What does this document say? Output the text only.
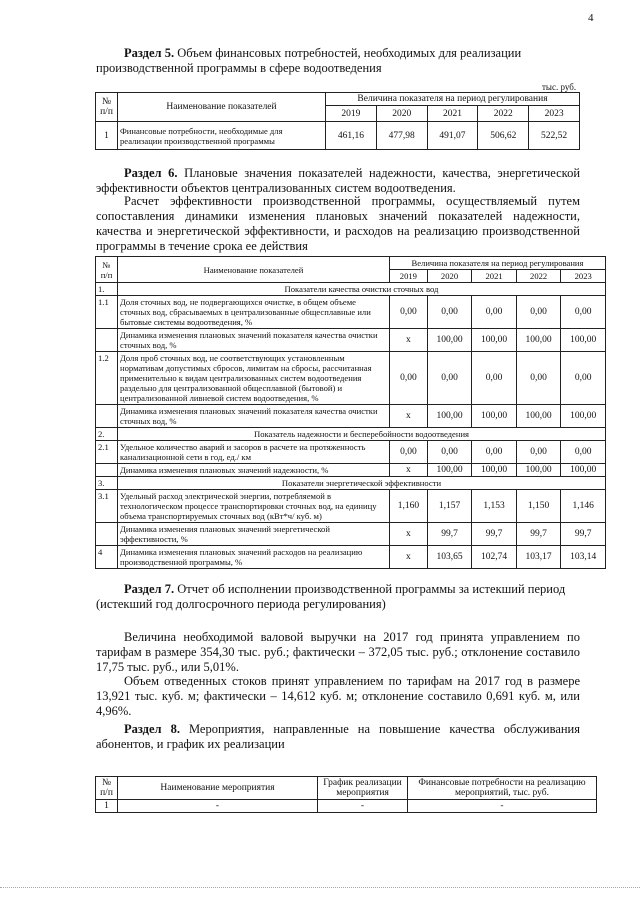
4
Раздел 5. Объем финансовых потребностей, необходимых для реализации производственной программы в сфере водоотведения
тыс. руб.
№ п/п	Наименование показателей	Величина показателя на период регулирования				
		2019	2020	2021	2022	2023
1	Финансовые потребности, необходимые для реализации производственной программы	461,16	477,98	491,07	506,62	522,52
Раздел 6. Плановые значения показателей надежности, качества, энергетической эффективности объектов централизованных систем водоотведения.
Расчет эффективности производственной программы, осуществляемый путем сопоставления динамики изменения плановых значений показателей надежности, качества и энергетической эффективности, и расходов на реализацию производственной программы в течение срока ее действия
№ п/п	Наименование показателей	Величина показателя на период регулирования				
		2019	2020	2021	2022	2023
1.	Показатели качества очистки сточных вод					
1.1	Доля сточных вод, не подвергающихся очистке, в общем объеме сточных вод, сбрасываемых в централизованные общесплавные или бытовые системы водоотведения, %	0,00	0,00	0,00	0,00	0,00
	Динамика изменения плановых значений показателя качества очистки сточных вод, %	х	100,00	100,00	100,00	100,00
1.2	Доля проб сточных вод, не соответствующих установленным нормативам допустимых сбросов, лимитам на сбросы, рассчитанная применительно к видам централизованных систем водоотведения раздельно для централизованной общесплавной (бытовой) и централизованной ливневой систем водоотведения, %	0,00	0,00	0,00	0,00	0,00
	Динамика изменения плановых значений показателя качества очистки сточных вод, %	х	100,00	100,00	100,00	100,00
2.	Показатель надежности и бесперебойности водоотведения					
2.1	Удельное количество аварий и засоров в расчете на протяженность канализационной сети в год, ед./ км	0,00	0,00	0,00	0,00	0,00
	Динамика изменения плановых значений надежности, %	х	100,00	100,00	100,00	100,00
3.	Показатели энергетической эффективности					
3.1	Удельный расход электрической энергии, потребляемой в технологическом процессе транспортировки сточных вод, на единицу объема транспортируемых сточных вод (кВт*ч/ куб. м)	1,160	1,157	1,153	1,150	1,146
	Динамика изменения плановых значений энергетической эффективности, %	х	99,7	99,7	99,7	99,7
4	Динамика изменения плановых значений расходов на реализацию производственной программы, %	х	103,65	102,74	103,17	103,14
Раздел 7. Отчет об исполнении производственной программы за истекший период (истекший год долгосрочного периода регулирования)
Величина необходимой валовой выручки на 2017 год принята управлением по тарифам в размере 354,30 тыс. руб.; фактически – 372,05 тыс. руб.; отклонение составило 17,75 тыс. руб., или 5,01%.
Объем отведенных стоков принят управлением по тарифам на 2017 год в размере 13,921 тыс. куб. м; фактически – 14,612 куб. м; отклонение составило 0,691 куб. м, или 4,96%.
Раздел 8. Мероприятия, направленные на повышение качества обслуживания абонентов, и график их реализации
№ п/п	Наименование мероприятия	График реализации мероприятия	Финансовые потребности на реализацию мероприятий, тыс. руб.
1	-	-	-
